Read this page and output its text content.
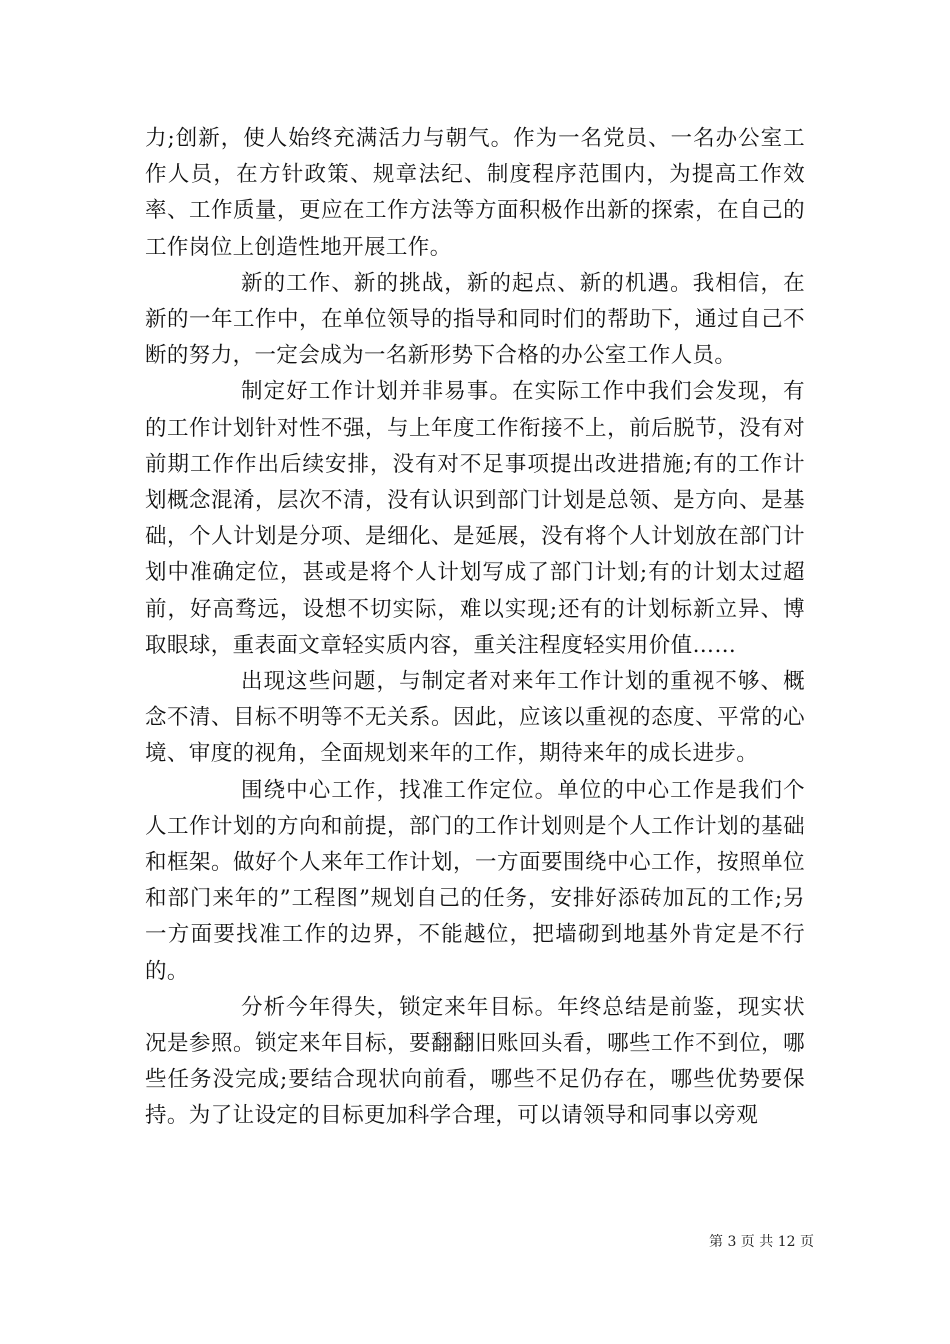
力;创新，使人始终充满活力与朝气。作为一名党员、一名办公室工作人员，在方针政策、规章法纪、制度程序范围内，为提高工作效率、工作质量，更应在工作方法等方面积极作出新的探索，在自己的工作岗位上创造性地开展工作。

新的工作、新的挑战，新的起点、新的机遇。我相信，在新的一年工作中，在单位领导的指导和同时们的帮助下，通过自己不断的努力，一定会成为一名新形势下合格的办公室工作人员。

制定好工作计划并非易事。在实际工作中我们会发现，有的工作计划针对性不强，与上年度工作衔接不上，前后脱节，没有对前期工作作出后续安排，没有对不足事项提出改进措施;有的工作计划概念混淆，层次不清，没有认识到部门计划是总领、是方向、是基础，个人计划是分项、是细化、是延展，没有将个人计划放在部门计划中准确定位，甚或是将个人计划写成了部门计划;有的计划太过超前，好高骛远，设想不切实际，难以实现;还有的计划标新立异、博取眼球，重表面文章轻实质内容，重关注程度轻实用价值……

出现这些问题，与制定者对来年工作计划的重视不够、概念不清、目标不明等不无关系。因此，应该以重视的态度、平常的心境、审度的视角，全面规划来年的工作，期待来年的成长进步。

围绕中心工作，找准工作定位。单位的中心工作是我们个人工作计划的方向和前提，部门的工作计划则是个人工作计划的基础和框架。做好个人来年工作计划，一方面要围绕中心工作，按照单位和部门来年的”工程图”规划自己的任务，安排好添砖加瓦的工作;另一方面要找准工作的边界，不能越位，把墙砌到地基外肯定是不行的。

分析今年得失，锁定来年目标。年终总结是前鉴，现实状况是参照。锁定来年目标，要翻翻旧账回头看，哪些工作不到位，哪些任务没完成;要结合现状向前看，哪些不足仍存在，哪些优势要保持。为了让设定的目标更加科学合理，可以请领导和同事以旁观

第 3 页 共 12 页
